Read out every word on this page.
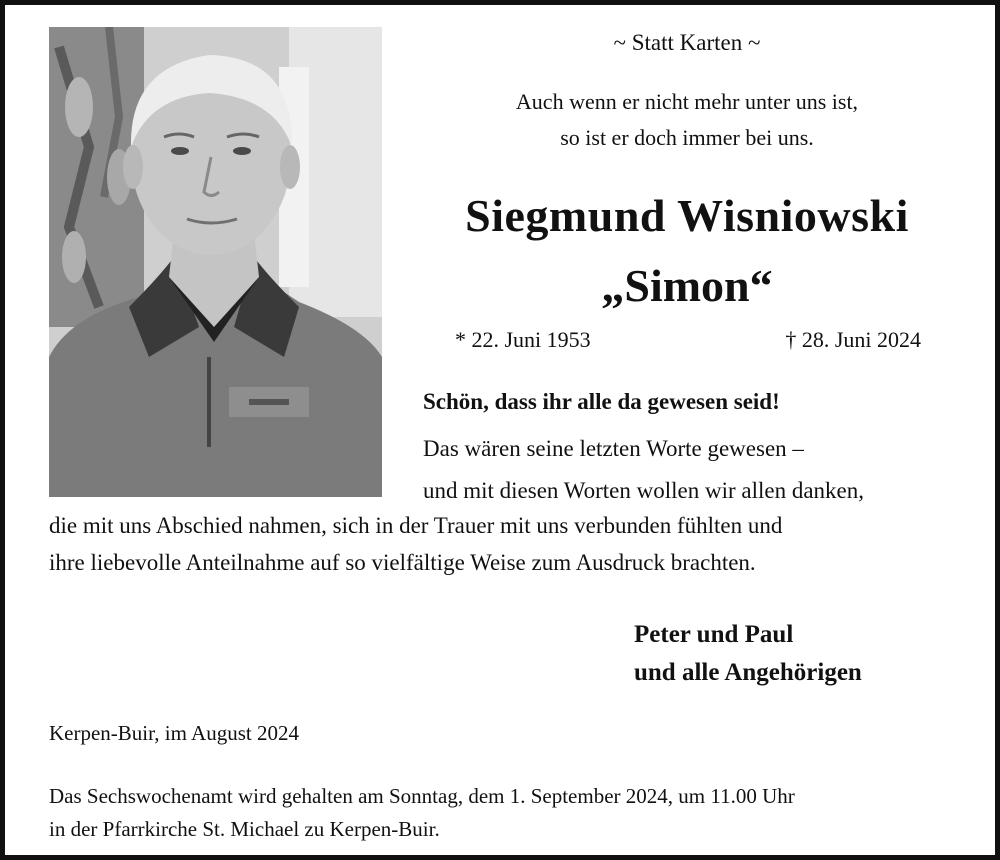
~ Statt Karten ~
Auch wenn er nicht mehr unter uns ist,
so ist er doch immer bei uns.
Siegmund Wisniowski
„Simon“
* 22. Juni 1953	† 28. Juni 2024
Schön, dass ihr alle da gewesen seid!
Das wären seine letzten Worte gewesen –
und mit diesen Worten wollen wir allen danken,
die mit uns Abschied nahmen, sich in der Trauer mit uns verbunden fühlten und
ihre liebevolle Anteilnahme auf so vielfältige Weise zum Ausdruck brachten.
Peter und Paul
und alle Angehörigen
Kerpen-Buir, im August 2024
Das Sechswochenamt wird gehalten am Sonntag, dem 1. September 2024, um 11.00 Uhr
in der Pfarrkirche St. Michael zu Kerpen-Buir.
